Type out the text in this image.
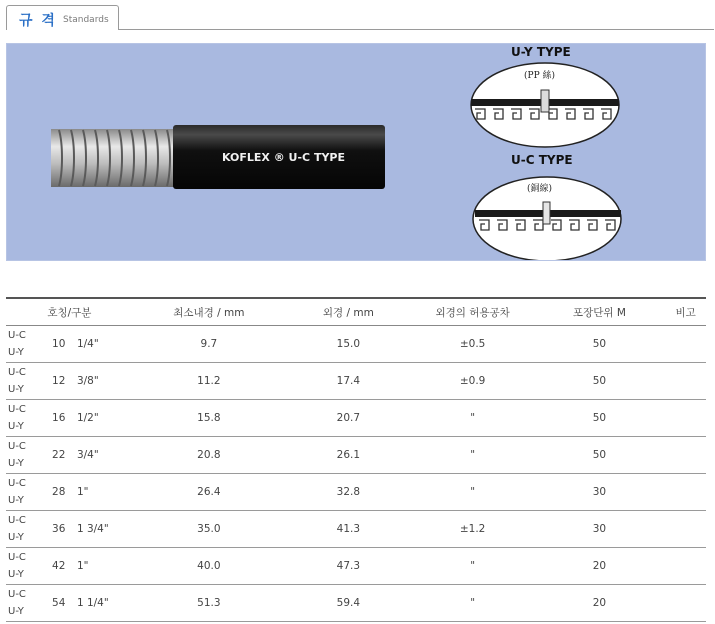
규 격 Standards
KOFLEX ® U-C TYPE
U-Y TYPE
(PP 絲)
U-C TYPE
(銅線)
호칭/구분			최소내경 / mm	외경 / mm	외경의 허용공차	포장단위 M	비고

U-C
U-Y	10	1/4"	9.7	15.0	±0.5	50	

U-C
U-Y	12	3/8"	11.2	17.4	±0.9	50	

U-C
U-Y	16	1/2"	15.8	20.7	"	50	

U-C
U-Y	22	3/4"	20.8	26.1	"	50	

U-C
U-Y	28	1"	26.4	32.8	"	30	

U-C
U-Y	36	1 3/4"	35.0	41.3	±1.2	30	

U-C
U-Y	42	1"	40.0	47.3	"	20	

U-C
U-Y	54	1 1/4"	51.3	59.4	"	20	
